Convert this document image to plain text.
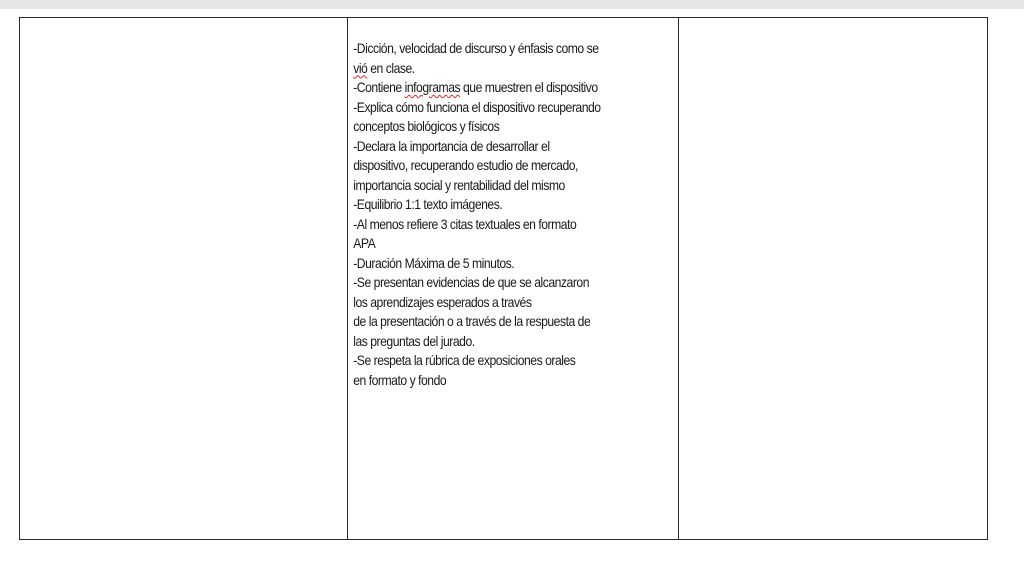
-Dicción, velocidad de discurso y énfasis como se
vió en clase.
-Contiene infogramas que muestren el dispositivo
-Explica cómo funciona el dispositivo recuperando
conceptos biológicos y físicos
-Declara la importancia de desarrollar el
dispositivo, recuperando estudio de mercado,
importancia social y rentabilidad del mismo
-Equilibrio 1:1 texto imágenes.
-Al menos refiere 3 citas textuales en formato
APA
-Duración Máxima de 5 minutos.
-Se presentan evidencias de que se alcanzaron
los aprendizajes esperados a través
de la presentación o a través de la respuesta de
las preguntas del jurado.
-Se respeta la rúbrica de exposiciones orales
en formato y fondo
